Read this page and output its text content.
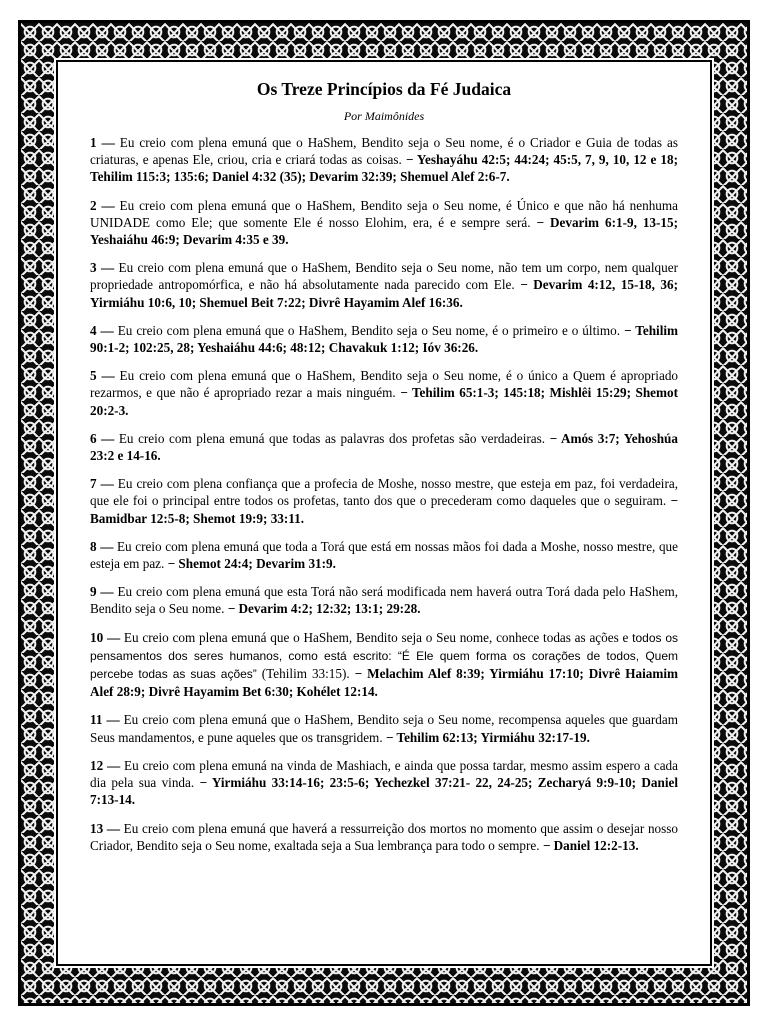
Os Treze Princípios da Fé Judaica
Por Maimônides

1 — Eu creio com plena emuná que o HaShem, Bendito seja o Seu nome, é o Criador e Guia de todas as criaturas, e apenas Ele, criou, cria e criará todas as coisas. − Yeshayáhu 42:5; 44:24; 45:5, 7, 9, 10, 12 e 18; Tehilim 115:3; 135:6; Daniel 4:32 (35); Devarim 32:39; Shemuel Alef 2:6-7.

2 — Eu creio com plena emuná que o HaShem, Bendito seja o Seu nome, é Único e que não há nenhuma UNIDADE como Ele; que somente Ele é nosso Elohim, era, é e sempre será. − Devarim 6:1-9, 13-15; Yeshaiáhu 46:9; Devarim 4:35 e 39.

3 — Eu creio com plena emuná que o HaShem, Bendito seja o Seu nome, não tem um corpo, nem qualquer propriedade antropomórfica, e não há absolutamente nada parecido com Ele. − Devarim 4:12, 15-18, 36; Yirmiáhu 10:6, 10; Shemuel Beit 7:22; Divrê Hayamim Alef 16:36.

4 — Eu creio com plena emuná que o HaShem, Bendito seja o Seu nome, é o primeiro e o último. − Tehilim 90:1-2; 102:25, 28; Yeshaiáhu 44:6; 48:12; Chavakuk 1:12; Ióv 36:26.

5 — Eu creio com plena emuná que o HaShem, Bendito seja o Seu nome, é o único a Quem é apropriado rezarmos, e que não é apropriado rezar a mais ninguém. − Tehilim 65:1-3; 145:18; Mishlêi 15:29; Shemot 20:2-3.

6 — Eu creio com plena emuná que todas as palavras dos profetas são verdadeiras. − Amós 3:7; Yehoshúa 23:2 e 14-16.

7 — Eu creio com plena confiança que a profecia de Moshe, nosso mestre, que esteja em paz, foi verdadeira, que ele foi o principal entre todos os profetas, tanto dos que o precederam como daqueles que o seguiram. − Bamidbar 12:5-8; Shemot 19:9; 33:11.

8 — Eu creio com plena emuná que toda a Torá que está em nossas mãos foi dada a Moshe, nosso mestre, que esteja em paz. − Shemot 24:4; Devarim 31:9.

9 — Eu creio com plena emuná que esta Torá não será modificada nem haverá outra Torá dada pelo HaShem, Bendito seja o Seu nome. − Devarim 4:2; 12:32; 13:1; 29:28.

10 — Eu creio com plena emuná que o HaShem, Bendito seja o Seu nome, conhece todas as ações e todos os pensamentos dos seres humanos, como está escrito: “É Ele quem forma os corações de todos, Quem percebe todas as suas ações” (Tehilim 33:15). − Melachim Alef 8:39; Yirmiáhu 17:10; Divrê Haiamim Alef 28:9; Divrê Hayamim Bet 6:30; Kohélet 12:14.

11 — Eu creio com plena emuná que o HaShem, Bendito seja o Seu nome, recompensa aqueles que guardam Seus mandamentos, e pune aqueles que os transgridem. − Tehilim 62:13; Yirmiáhu 32:17-19.

12 — Eu creio com plena emuná na vinda de Mashiach, e ainda que possa tardar, mesmo assim espero a cada dia pela sua vinda. − Yirmiáhu 33:14-16; 23:5-6; Yechezkel 37:21- 22, 24-25; Zecharyá 9:9-10; Daniel 7:13-14.

13 — Eu creio com plena emuná que haverá a ressurreição dos mortos no momento que assim o desejar nosso Criador, Bendito seja o Seu nome, exaltada seja a Sua lembrança para todo o sempre. − Daniel 12:2-13.
